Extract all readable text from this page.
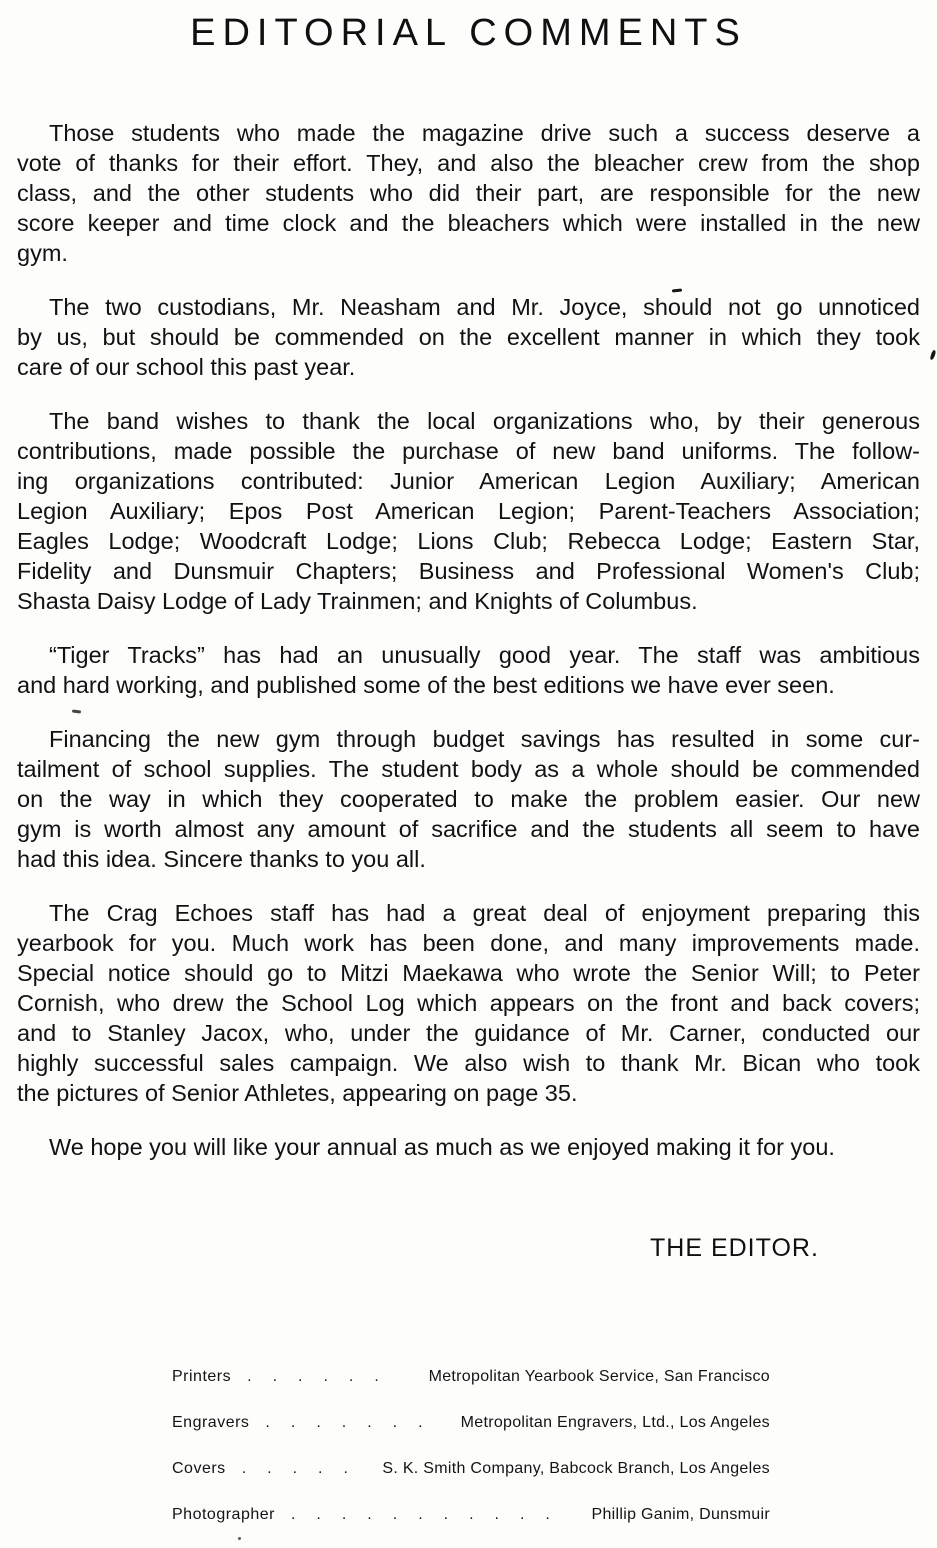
EDITORIAL COMMENTS

Those students who made the magazine drive such a success deserve a
vote of thanks for their effort. They, and also the bleacher crew from the shop
class, and the other students who did their part, are responsible for the new
score keeper and time clock and the bleachers which were installed in the new
gym.

The two custodians, Mr. Neasham and Mr. Joyce, should not go unnoticed
by us, but should be commended on the excellent manner in which they took
care of our school this past year.

The band wishes to thank the local organizations who, by their generous
contributions, made possible the purchase of new band uniforms. The follow-
ing organizations contributed: Junior American Legion Auxiliary; American
Legion Auxiliary; Epos Post American Legion; Parent-Teachers Association;
Eagles Lodge; Woodcraft Lodge; Lions Club; Rebecca Lodge; Eastern Star,
Fidelity and Dunsmuir Chapters; Business and Professional Women's Club;
Shasta Daisy Lodge of Lady Trainmen; and Knights of Columbus.

“Tiger Tracks” has had an unusually good year. The staff was ambitious
and hard working, and published some of the best editions we have ever seen.

Financing the new gym through budget savings has resulted in some cur-
tailment of school supplies. The student body as a whole should be commended
on the way in which they cooperated to make the problem easier. Our new
gym is worth almost any amount of sacrifice and the students all seem to have
had this idea. Sincere thanks to you all.

The Crag Echoes staff has had a great deal of enjoyment preparing this
yearbook for you. Much work has been done, and many improvements made.
Special notice should go to Mitzi Maekawa who wrote the Senior Will; to Peter
Cornish, who drew the School Log which appears on the front and back covers;
and to Stanley Jacox, who, under the guidance of Mr. Carner, conducted our
highly successful sales campaign. We also wish to thank Mr. Bican who took
the pictures of Senior Athletes, appearing on page 35.

We hope you will like your annual as much as we enjoyed making it for you.

THE EDITOR.
Printers	......	Metropolitan Yearbook Service, San Francisco
Engravers	.......	Metropolitan Engravers, Ltd., Los Angeles
Covers	..... S. K. Smith Company, Babcock Branch, Los Angeles
Photographer	...........	Phillip Ganim, Dunsmuir
